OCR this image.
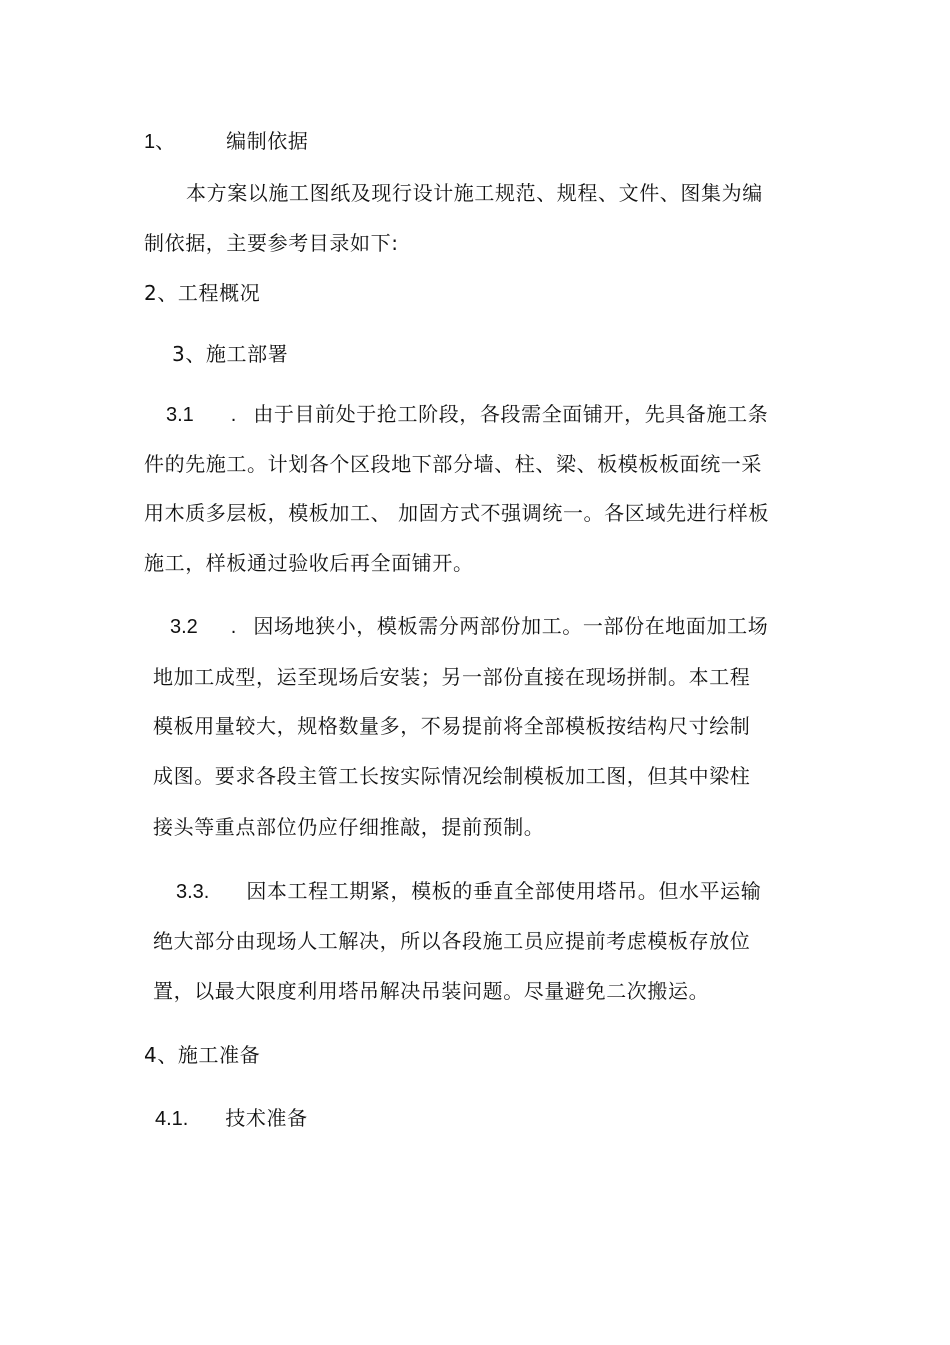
1、	编制依据
本方案以施工图纸及现行设计施工规范、规程、文件、图集为编
制依据，主要参考目录如下:
2、工程概况
3、施工部署
3.1 . 由于目前处于抢工阶段，各段需全面铺开，先具备施工条
件的先施工。计划各个区段地下部分墙、柱、梁、板模板板面统一采
用木质多层板，模板加工、 加固方式不强调统一。各区域先进行样板
施工，样板通过验收后再全面铺开。
3.2 . 因场地狭小，模板需分两部份加工。一部份在地面加工场
地加工成型，运至现场后安装；另一部份直接在现场拼制。本工程
模板用量较大，规格数量多，不易提前将全部模板按结构尺寸绘制
成图。要求各段主管工长按实际情况绘制模板加工图，但其中梁柱
接头等重点部位仍应仔细推敲，提前预制。
3.3. 因本工程工期紧，模板的垂直全部使用塔吊。但水平运输
绝大部分由现场人工解决，所以各段施工员应提前考虑模板存放位
置，以最大限度利用塔吊解决吊装问题。尽量避免二次搬运。
4、施工准备
4.1. 技术准备
